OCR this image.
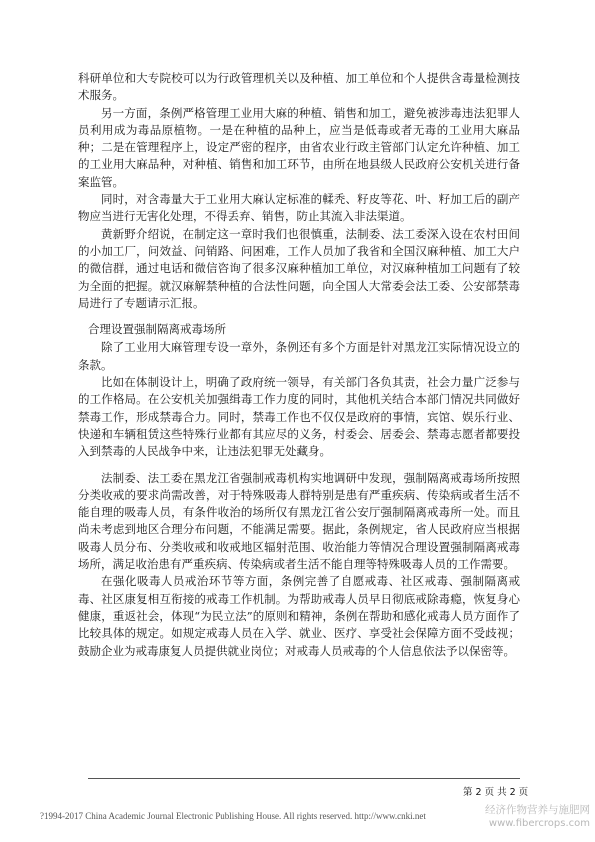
科研单位和大专院校可以为行政管理机关以及种植、加工单位和个人提供含毒量检测技术服务。

另一方面，条例严格管理工业用大麻的种植、销售和加工，避免被涉毒违法犯罪人员利用成为毒品原植物。一是在种植的品种上，应当是低毒或者无毒的工业用大麻品种；二是在管理程序上，设定严密的程序，由省农业行政主管部门认定允许种植、加工的工业用大麻品种，对种植、销售和加工环节，由所在地县级人民政府公安机关进行备案监管。

同时，对含毒量大于工业用大麻认定标准的輮秃、籽皮等花、叶、籽加工后的副产物应当进行无害化处理，不得丢弃、销售，防止其流入非法渠道。

黄新野介绍说，在制定这一章时我们也很慎重，法制委、法工委深入设在农村田间的小加工厂，问效益、问销路、问困难，工作人员加了我省和全国汉麻种植、加工大户的微信群，通过电话和微信咨询了很多汉麻种植加工单位，对汉麻种植加工问题有了较为全面的把握。就汉麻解禁种植的合法性问题，向全国人大常委会法工委、公安部禁毒局进行了专题请示汇报。

合理设置强制隔离戒毒场所

除了工业用大麻管理专设一章外，条例还有多个方面是针对黑龙江实际情况设立的条款。

比如在体制设计上，明确了政府统一领导，有关部门各负其责，社会力量广泛参与的工作格局。在公安机关加强缉毒工作力度的同时，其他机关结合本部门情况共同做好禁毒工作，形成禁毒合力。同时，禁毒工作也不仅仅是政府的事情，宾馆、娱乐行业、快递和车辆租赁这些特殊行业都有其应尽的义务，村委会、居委会、禁毒志愿者都要投入到禁毒的人民战争中来，让违法犯罪无处藏身。

法制委、法工委在黑龙江省强制戒毒机构实地调研中发现，强制隔离戒毒场所按照分类收戒的要求尚需改善，对于特殊吸毒人群特别是患有严重疾病、传染病或者生活不能自理的吸毒人员，有条件收治的场所仅有黑龙江省公安厅强制隔离戒毒所一处。而且尚未考虑到地区合理分布问题，不能满足需要。据此，条例规定，省人民政府应当根据吸毒人员分布、分类收戒和收戒地区辐射范围、收治能力等情况合理设置强制隔离戒毒场所，满足收治患有严重疾病、传染病或者生活不能自理等特殊吸毒人员的工作需要。

在强化吸毒人员戒治环节等方面，条例完善了自愿戒毒、社区戒毒、强制隔离戒毒、社区康复相互衔接的戒毒工作机制。为帮助戒毒人员早日彻底戒除毒瘾，恢复身心健康，重返社会，体现“为民立法”的原则和精神，条例在帮助和感化戒毒人员方面作了比较具体的规定。如规定戒毒人员在入学、就业、医疗、享受社会保障方面不受歧视；鼓励企业为戒毒康复人员提供就业岗位；对戒毒人员戒毒的个人信息依法予以保密等。

第 2 页 共 2 页
?1994-2017 China Academic Journal Electronic Publishing House. All rights reserved. http://www.cnki.net	经济作物营养与施肥网
www.fibercrops.com
